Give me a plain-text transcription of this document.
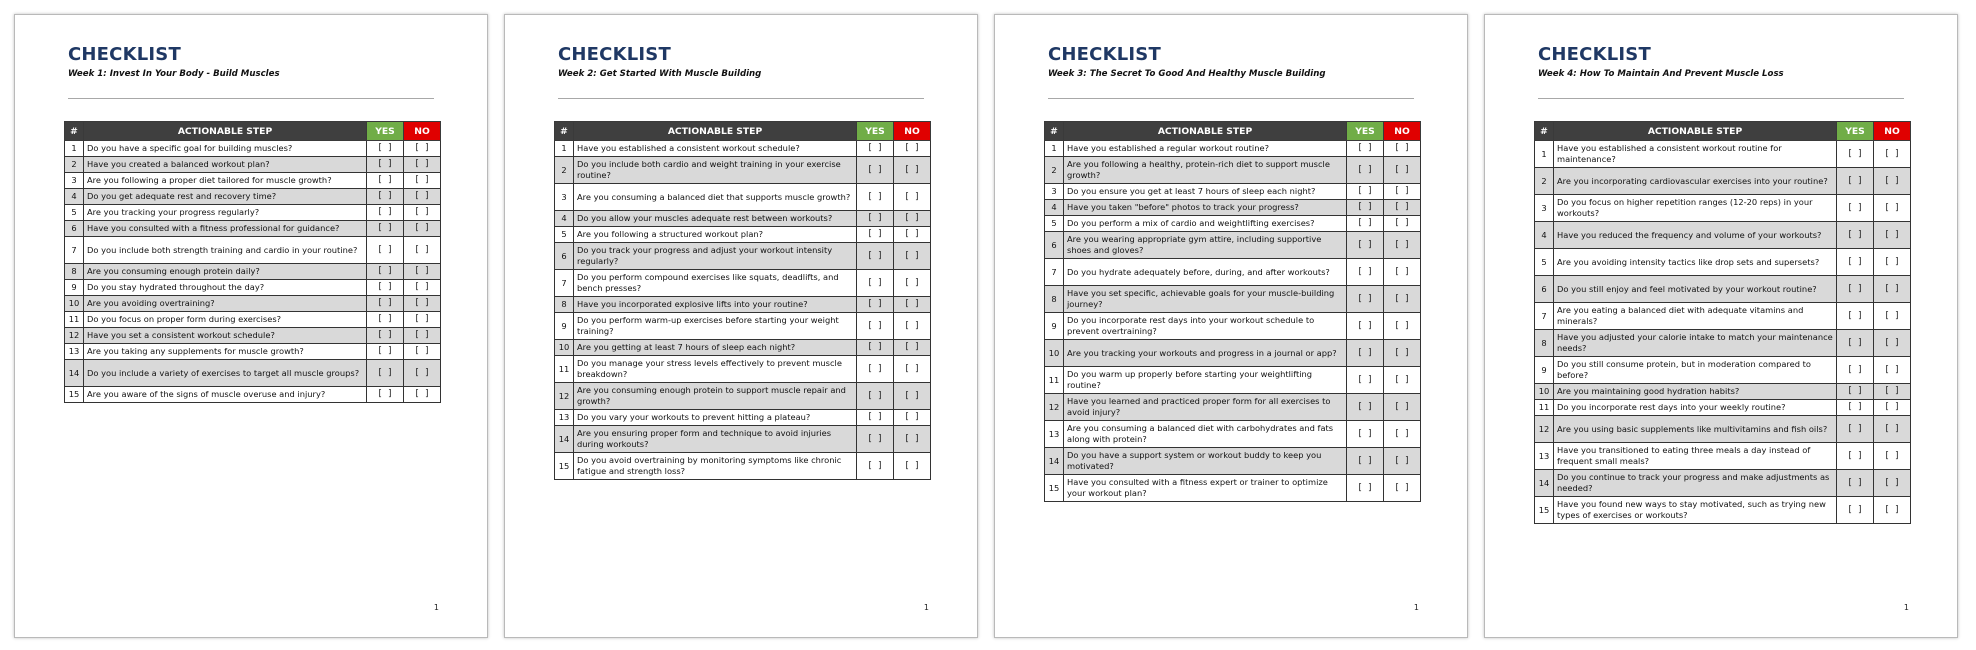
CHECKLIST
Week 1: Invest In Your Body - Build Muscles
#	ACTIONABLE STEP	YES	NO
1	Do you have a specific goal for building muscles?	[ ]	[ ]
2	Have you created a balanced workout plan?	[ ]	[ ]
3	Are you following a proper diet tailored for muscle growth?	[ ]	[ ]
4	Do you get adequate rest and recovery time?	[ ]	[ ]
5	Are you tracking your progress regularly?	[ ]	[ ]
6	Have you consulted with a fitness professional for guidance?	[ ]	[ ]
7	Do you include both strength training and cardio in your routine?	[ ]	[ ]
8	Are you consuming enough protein daily?	[ ]	[ ]
9	Do you stay hydrated throughout the day?	[ ]	[ ]
10	Are you avoiding overtraining?	[ ]	[ ]
11	Do you focus on proper form during exercises?	[ ]	[ ]
12	Have you set a consistent workout schedule?	[ ]	[ ]
13	Are you taking any supplements for muscle growth?	[ ]	[ ]
14	Do you include a variety of exercises to target all muscle groups?	[ ]	[ ]
15	Are you aware of the signs of muscle overuse and injury?	[ ]	[ ]
1
CHECKLIST
Week 2: Get Started With Muscle Building
#	ACTIONABLE STEP	YES	NO
1	Have you established a consistent workout schedule?	[ ]	[ ]
2	Do you include both cardio and weight training in your exercise routine?	[ ]	[ ]
3	Are you consuming a balanced diet that supports muscle growth?	[ ]	[ ]
4	Do you allow your muscles adequate rest between workouts?	[ ]	[ ]
5	Are you following a structured workout plan?	[ ]	[ ]
6	Do you track your progress and adjust your workout intensity regularly?	[ ]	[ ]
7	Do you perform compound exercises like squats, deadlifts, and bench presses?	[ ]	[ ]
8	Have you incorporated explosive lifts into your routine?	[ ]	[ ]
9	Do you perform warm-up exercises before starting your weight training?	[ ]	[ ]
10	Are you getting at least 7 hours of sleep each night?	[ ]	[ ]
11	Do you manage your stress levels effectively to prevent muscle breakdown?	[ ]	[ ]
12	Are you consuming enough protein to support muscle repair and growth?	[ ]	[ ]
13	Do you vary your workouts to prevent hitting a plateau?	[ ]	[ ]
14	Are you ensuring proper form and technique to avoid injuries during workouts?	[ ]	[ ]
15	Do you avoid overtraining by monitoring symptoms like chronic fatigue and strength loss?	[ ]	[ ]
1
CHECKLIST
Week 3: The Secret To Good And Healthy Muscle Building
#	ACTIONABLE STEP	YES	NO
1	Have you established a regular workout routine?	[ ]	[ ]
2	Are you following a healthy, protein-rich diet to support muscle growth?	[ ]	[ ]
3	Do you ensure you get at least 7 hours of sleep each night?	[ ]	[ ]
4	Have you taken "before" photos to track your progress?	[ ]	[ ]
5	Do you perform a mix of cardio and weightlifting exercises?	[ ]	[ ]
6	Are you wearing appropriate gym attire, including supportive shoes and gloves?	[ ]	[ ]
7	Do you hydrate adequately before, during, and after workouts?	[ ]	[ ]
8	Have you set specific, achievable goals for your muscle-building journey?	[ ]	[ ]
9	Do you incorporate rest days into your workout schedule to prevent overtraining?	[ ]	[ ]
10	Are you tracking your workouts and progress in a journal or app?	[ ]	[ ]
11	Do you warm up properly before starting your weightlifting routine?	[ ]	[ ]
12	Have you learned and practiced proper form for all exercises to avoid injury?	[ ]	[ ]
13	Are you consuming a balanced diet with carbohydrates and fats along with protein?	[ ]	[ ]
14	Do you have a support system or workout buddy to keep you motivated?	[ ]	[ ]
15	Have you consulted with a fitness expert or trainer to optimize your workout plan?	[ ]	[ ]
1
CHECKLIST
Week 4: How To Maintain And Prevent Muscle Loss
#	ACTIONABLE STEP	YES	NO
1	Have you established a consistent workout routine for maintenance?	[ ]	[ ]
2	Are you incorporating cardiovascular exercises into your routine?	[ ]	[ ]
3	Do you focus on higher repetition ranges (12-20 reps) in your workouts?	[ ]	[ ]
4	Have you reduced the frequency and volume of your workouts?	[ ]	[ ]
5	Are you avoiding intensity tactics like drop sets and supersets?	[ ]	[ ]
6	Do you still enjoy and feel motivated by your workout routine?	[ ]	[ ]
7	Are you eating a balanced diet with adequate vitamins and minerals?	[ ]	[ ]
8	Have you adjusted your calorie intake to match your maintenance needs?	[ ]	[ ]
9	Do you still consume protein, but in moderation compared to before?	[ ]	[ ]
10	Are you maintaining good hydration habits?	[ ]	[ ]
11	Do you incorporate rest days into your weekly routine?	[ ]	[ ]
12	Are you using basic supplements like multivitamins and fish oils?	[ ]	[ ]
13	Have you transitioned to eating three meals a day instead of frequent small meals?	[ ]	[ ]
14	Do you continue to track your progress and make adjustments as needed?	[ ]	[ ]
15	Have you found new ways to stay motivated, such as trying new types of exercises or workouts?	[ ]	[ ]
1
